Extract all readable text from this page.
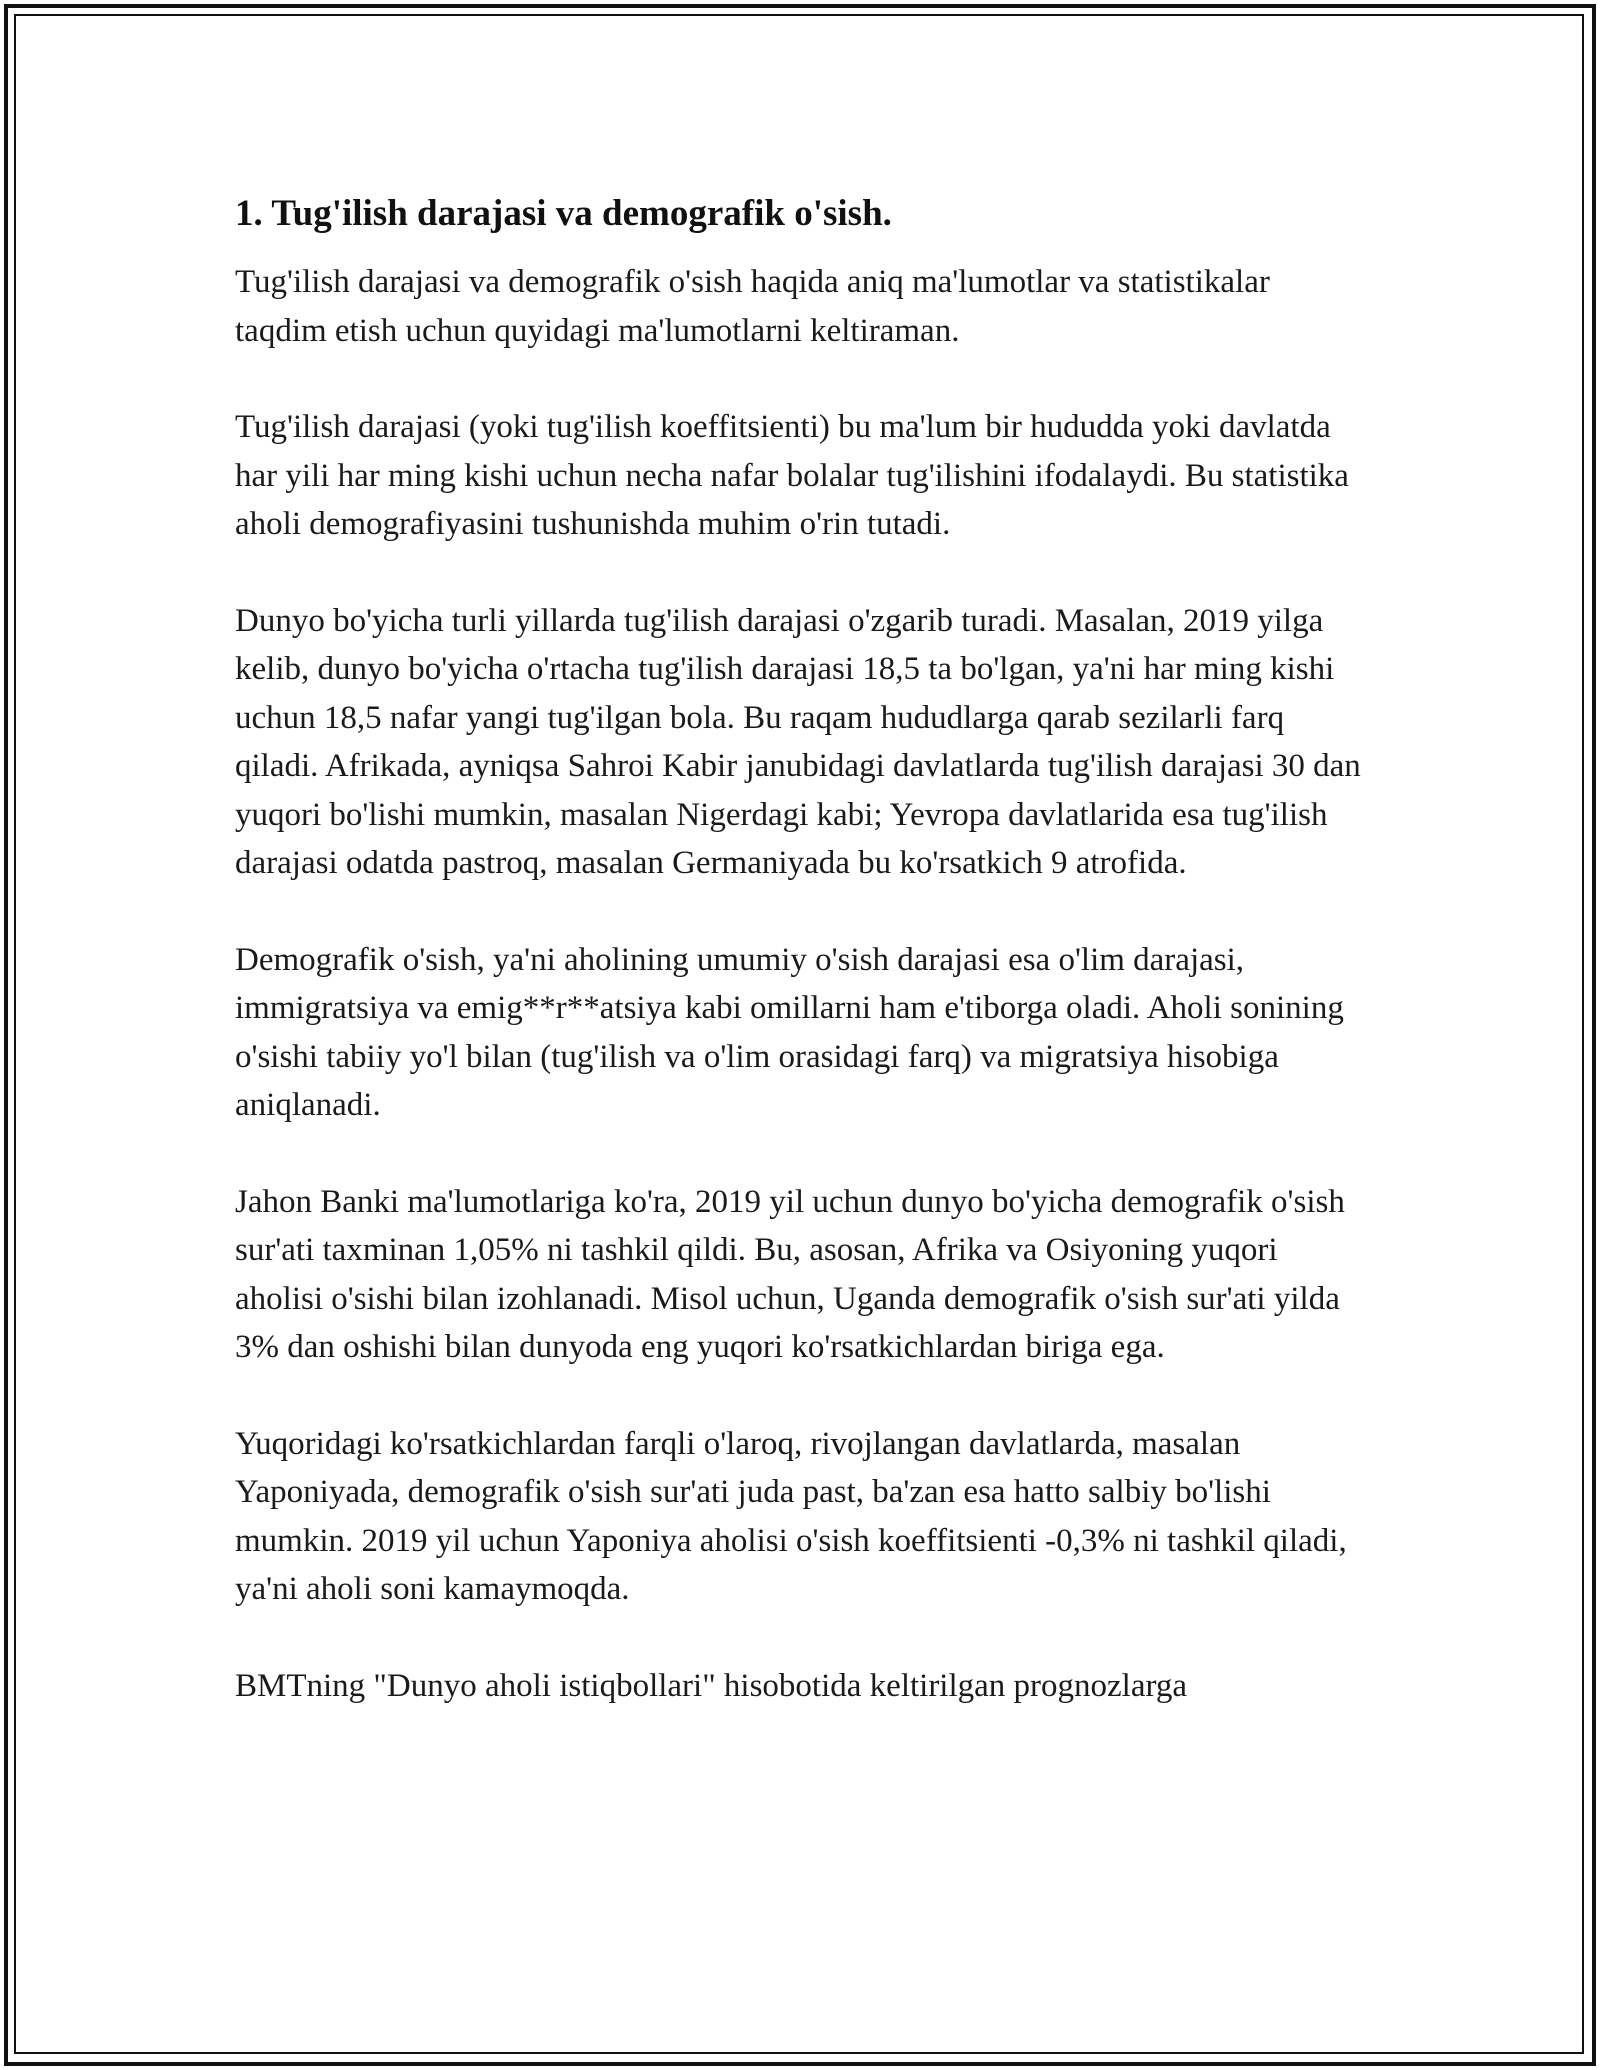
1. Tug'ilish darajasi va demografik o'sish.

Tug'ilish darajasi va demografik o'sish haqida aniq ma'lumotlar va statistikalar taqdim etish uchun quyidagi ma'lumotlarni keltiraman.

Tug'ilish darajasi (yoki tug'ilish koeffitsienti) bu ma'lum bir hududda yoki davlatda har yili har ming kishi uchun necha nafar bolalar tug'ilishini ifodalaydi. Bu statistika aholi demografiyasini tushunishda muhim o'rin tutadi.

Dunyo bo'yicha turli yillarda tug'ilish darajasi o'zgarib turadi. Masalan, 2019 yilga kelib, dunyo bo'yicha o'rtacha tug'ilish darajasi 18,5 ta bo'lgan, ya'ni har ming kishi uchun 18,5 nafar yangi tug'ilgan bola. Bu raqam hududlarga qarab sezilarli farq qiladi. Afrikada, ayniqsa Sahroi Kabir janubidagi davlatlarda tug'ilish darajasi 30 dan yuqori bo'lishi mumkin, masalan Nigerdagi kabi; Yevropa davlatlarida esa tug'ilish darajasi odatda pastroq, masalan Germaniyada bu ko'rsatkich 9 atrofida.

Demografik o'sish, ya'ni aholining umumiy o'sish darajasi esa o'lim darajasi, immigratsiya va emig**r**atsiya kabi omillarni ham e'tiborga oladi. Aholi sonining o'sishi tabiiy yo'l bilan (tug'ilish va o'lim orasidagi farq) va migratsiya hisobiga aniqlanadi.

Jahon Banki ma'lumotlariga ko'ra, 2019 yil uchun dunyo bo'yicha demografik o'sish sur'ati taxminan 1,05% ni tashkil qildi. Bu, asosan, Afrika va Osiyoning yuqori aholisi o'sishi bilan izohlanadi. Misol uchun, Uganda demografik o'sish sur'ati yilda 3% dan oshishi bilan dunyoda eng yuqori ko'rsatkichlardan biriga ega.

Yuqoridagi ko'rsatkichlardan farqli o'laroq, rivojlangan davlatlarda, masalan Yaponiyada, demografik o'sish sur'ati juda past, ba'zan esa hatto salbiy bo'lishi mumkin. 2019 yil uchun Yaponiya aholisi o'sish koeffitsienti -0,3% ni tashkil qiladi, ya'ni aholi soni kamaymoqda.

BMTning "Dunyo aholi istiqbollari" hisobotida keltirilgan prognozlarga
